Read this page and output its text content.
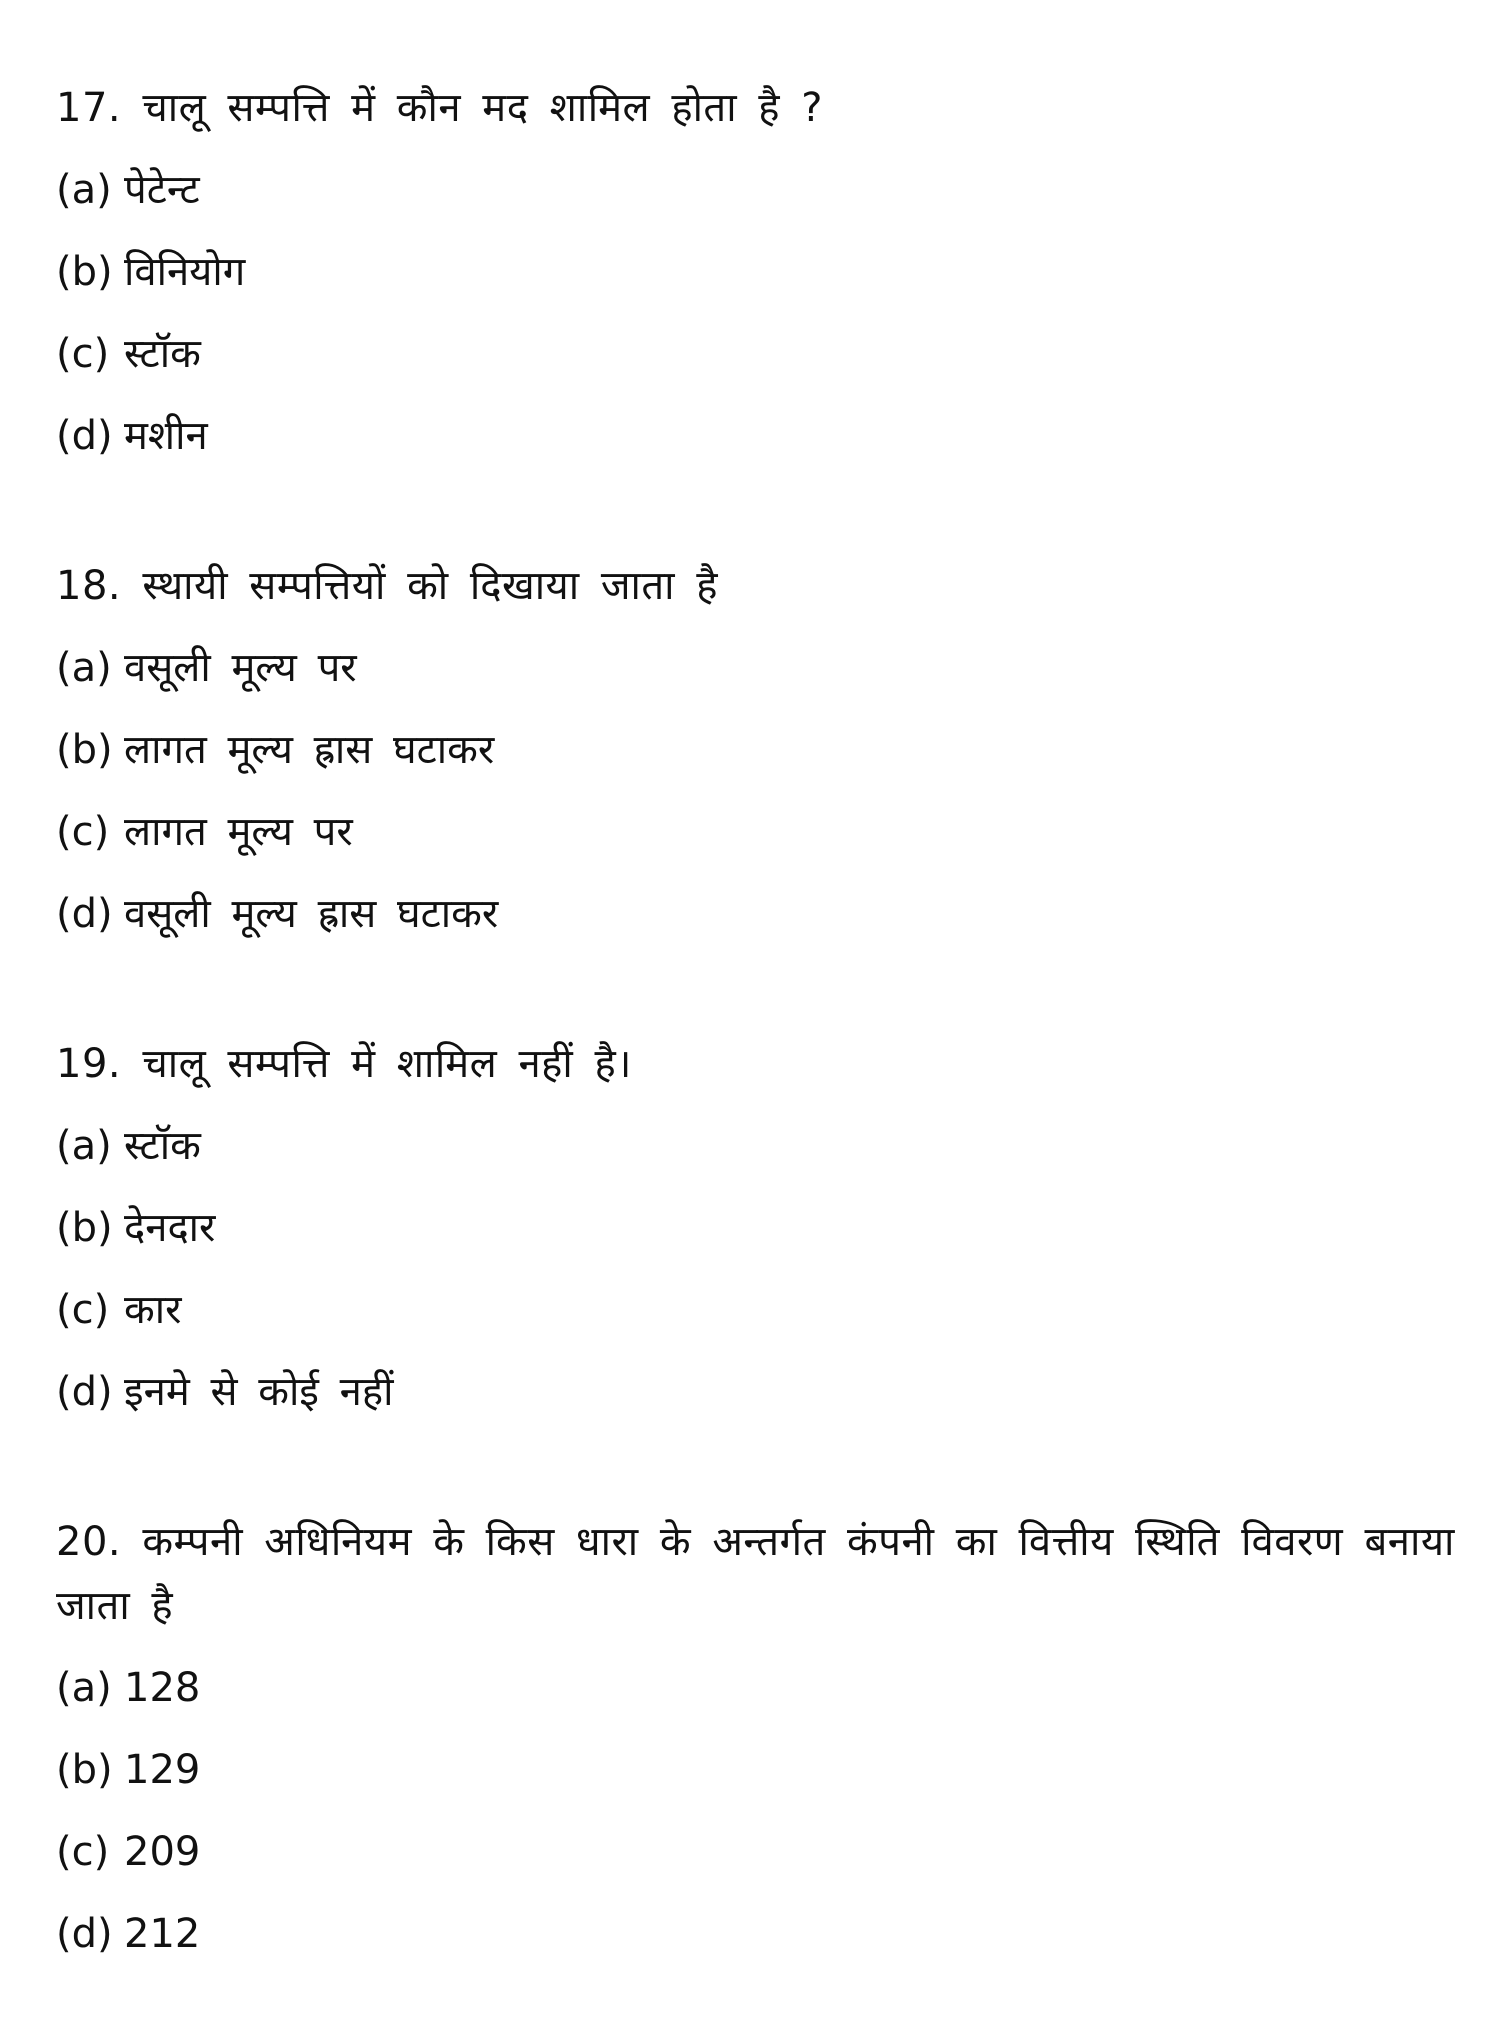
17. चालू सम्पत्ति में कौन मद शामिल होता है ?
(a) पेटेन्ट
(b) विनियोग
(c) स्टॉक
(d) मशीन
18. स्थायी सम्पत्तियों को दिखाया जाता है
(a) वसूली मूल्य पर
(b) लागत मूल्य ह्रास घटाकर
(c) लागत मूल्य पर
(d) वसूली मूल्य ह्रास घटाकर
19. चालू सम्पत्ति में शामिल नहीं है।
(a) स्टॉक
(b) देनदार
(c) कार
(d) इनमे से कोई नहीं
20. कम्पनी अधिनियम के किस धारा के अन्तर्गत कंपनी का वित्तीय स्थिति विवरण बनाया जाता है
(a) 128
(b) 129
(c) 209
(d) 212
